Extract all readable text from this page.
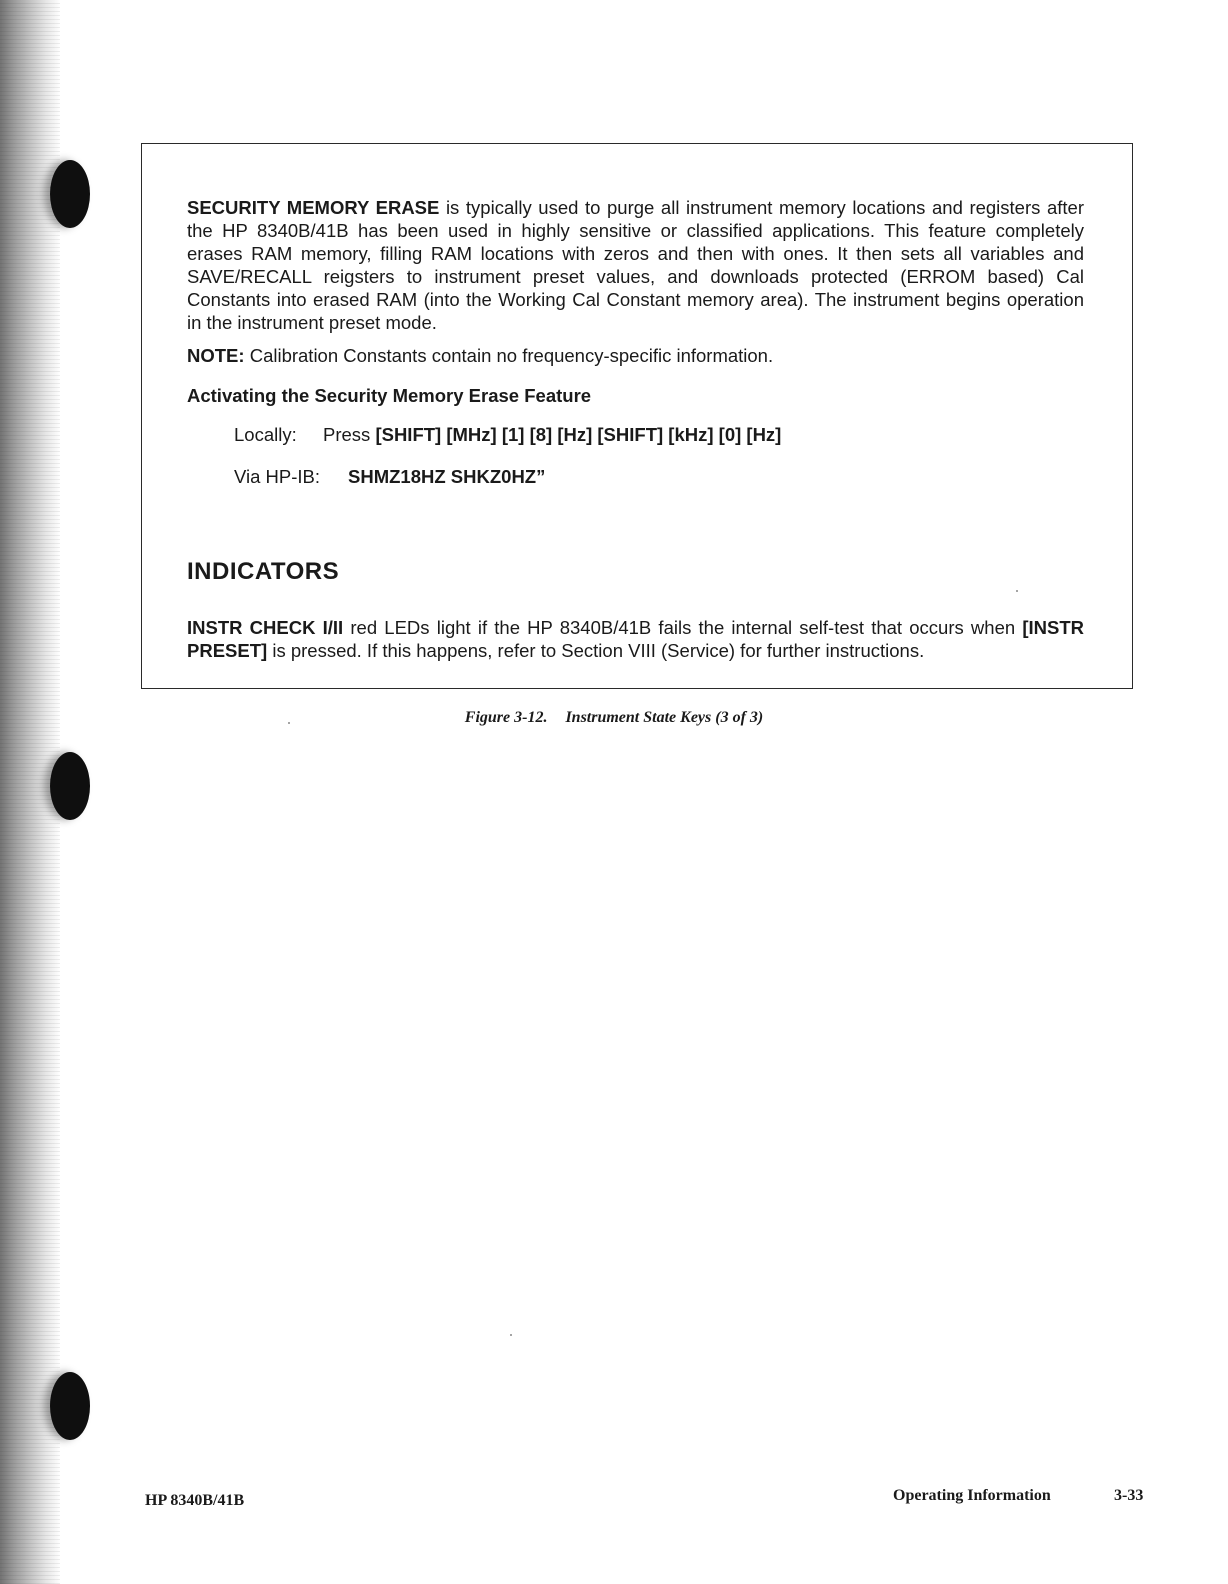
SECURITY MEMORY ERASE is typically used to purge all instrument memory locations and registers after the HP 8340B/41B has been used in highly sensitive or classified applications. This feature completely erases RAM memory, filling RAM locations with zeros and then with ones. It then sets all variables and SAVE/RECALL reigsters to instrument preset values, and downloads protected (ERROM based) Cal Constants into erased RAM (into the Working Cal Constant memory area). The instrument begins operation in the instrument preset mode.
NOTE: Calibration Constants contain no frequency-specific information.
Activating the Security Memory Erase Feature
Locally: Press [SHIFT] [MHz] [1] [8] [Hz] [SHIFT] [kHz] [0] [Hz]
Via HP-IB: SHMZ18HZ SHKZ0HZ”
INDICATORS
INSTR CHECK I/II red LEDs light if the HP 8340B/41B fails the internal self-test that occurs when [INSTR PRESET] is pressed. If this happens, refer to Section VIII (Service) for further instructions.
Figure 3-12. Instrument State Keys (3 of 3)
HP 8340B/41B	Operating Information	3-33
